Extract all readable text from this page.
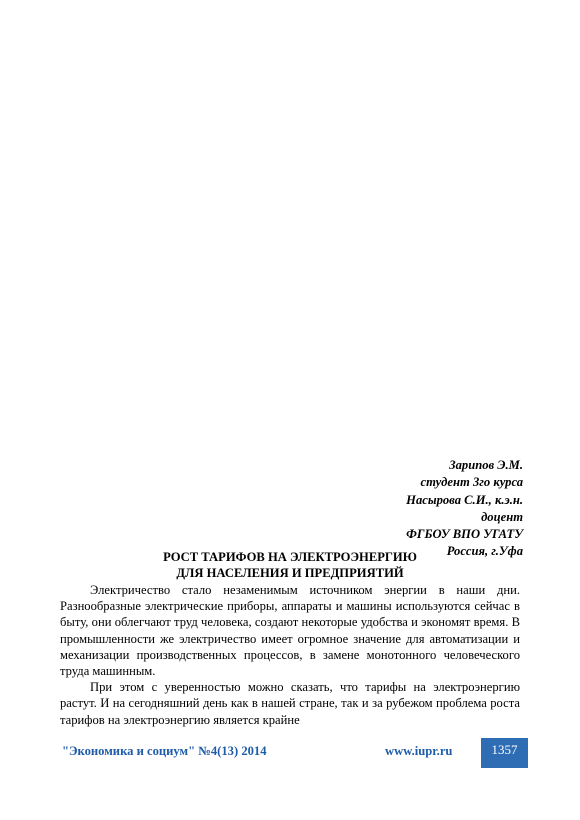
Зарипов Э.М.
студент 3го курса
Насырова С.И., к.э.н.
доцент
ФГБОУ ВПО УГАТУ
Россия, г.Уфа
РОСТ ТАРИФОВ НА ЭЛЕКТРОЭНЕРГИЮ
ДЛЯ НАСЕЛЕНИЯ И ПРЕДПРИЯТИЙ

Электричество стало незаменимым источником энергии в наши дни. Разнообразные электрические приборы, аппараты и машины используются сейчас в быту, они облегчают труд человека, создают некоторые удобства и экономят время. В промышленности же электричество имеет огромное значение для автоматизации и механизации производственных процессов, в замене монотонного человеческого труда машинным.

При этом с уверенностью можно сказать, что тарифы на электроэнергию растут. И на сегодняшний день как в нашей стране, так и за рубежом проблема роста тарифов на электроэнергию является крайне

"Экономика и социум" №4(13) 2014	www.iupr.ru	1357
